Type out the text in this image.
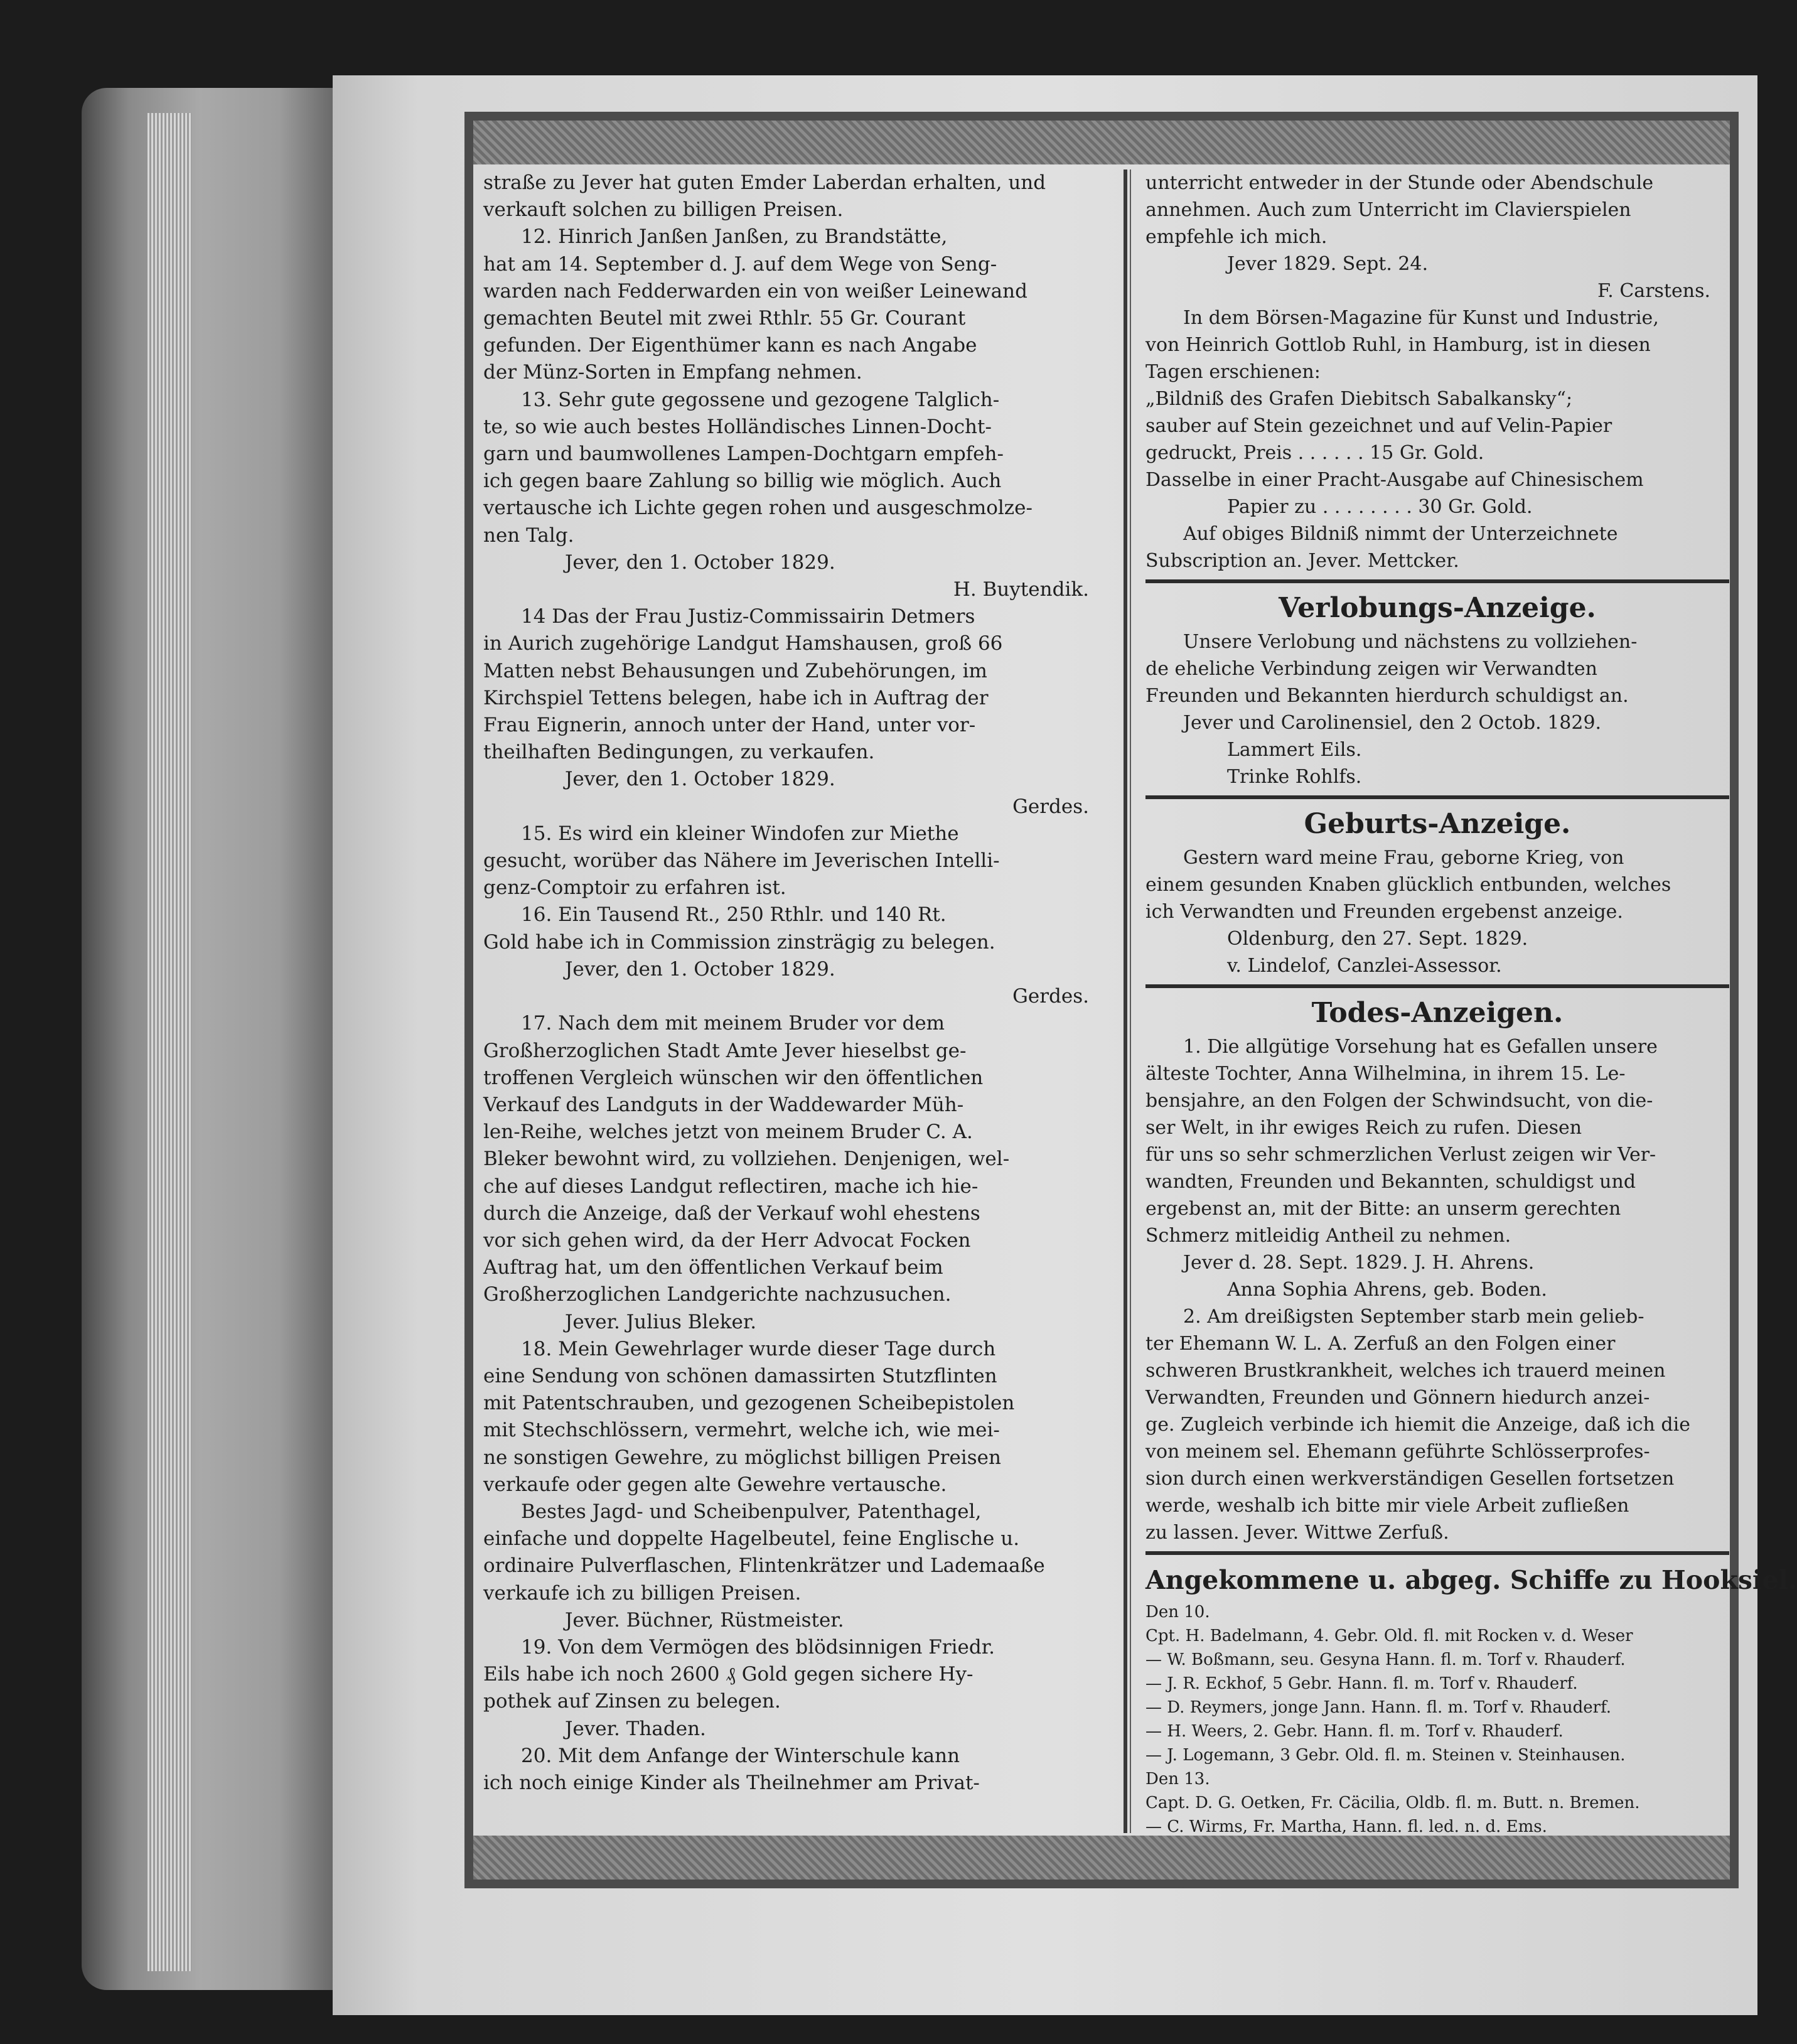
straße zu Jever hat guten Emder Laberdan erhalten, und

verkauft solchen zu billigen Preisen.

12. Hinrich Janßen Janßen, zu Brandstätte,

hat am 14. September d. J. auf dem Wege von Seng-

warden nach Fedderwarden ein von weißer Leinewand

gemachten Beutel mit zwei Rthlr. 55 Gr. Courant

gefunden. Der Eigenthümer kann es nach Angabe

der Münz-Sorten in Empfang nehmen.

13. Sehr gute gegossene und gezogene Talglich-

te, so wie auch bestes Holländisches Linnen-Docht-

garn und baumwollenes Lampen-Dochtgarn empfeh-

ich gegen baare Zahlung so billig wie möglich. Auch

vertausche ich Lichte gegen rohen und ausgeschmolze-

nen Talg.

Jever, den 1. October 1829.

H. Buytendik.

14 Das der Frau Justiz-Commissairin Detmers

in Aurich zugehörige Landgut Hamshausen, groß 66

Matten nebst Behausungen und Zubehörungen, im

Kirchspiel Tettens belegen, habe ich in Auftrag der

Frau Eignerin, annoch unter der Hand, unter vor-

theilhaften Bedingungen, zu verkaufen.

Jever, den 1. October 1829.

Gerdes.

15. Es wird ein kleiner Windofen zur Miethe

gesucht, worüber das Nähere im Jeverischen Intelli-

genz-Comptoir zu erfahren ist.

16. Ein Tausend Rt., 250 Rthlr. und 140 Rt.

Gold habe ich in Commission zinsträgig zu belegen.

Jever, den 1. October 1829.

Gerdes.

17. Nach dem mit meinem Bruder vor dem

Großherzoglichen Stadt Amte Jever hieselbst ge-

troffenen Vergleich wünschen wir den öffentlichen

Verkauf des Landguts in der Waddewarder Müh-

len-Reihe, welches jetzt von meinem Bruder C. A.

Bleker bewohnt wird, zu vollziehen. Denjenigen, wel-

che auf dieses Landgut reflectiren, mache ich hie-

durch die Anzeige, daß der Verkauf wohl ehestens

vor sich gehen wird, da der Herr Advocat Focken

Auftrag hat, um den öffentlichen Verkauf beim

Großherzoglichen Landgerichte nachzusuchen.

Jever. Julius Bleker.

18. Mein Gewehrlager wurde dieser Tage durch

eine Sendung von schönen damassirten Stutzflinten

mit Patentschrauben, und gezogenen Scheibepistolen

mit Stechschlössern, vermehrt, welche ich, wie mei-

ne sonstigen Gewehre, zu möglichst billigen Preisen

verkaufe oder gegen alte Gewehre vertausche.

Bestes Jagd- und Scheibenpulver, Patenthagel,

einfache und doppelte Hagelbeutel, feine Englische u.

ordinaire Pulverflaschen, Flintenkrätzer und Lademaaße

verkaufe ich zu billigen Preisen.

Jever. Büchner, Rüstmeister.

19. Von dem Vermögen des blödsinnigen Friedr.

Eils habe ich noch 2600 ₰ Gold gegen sichere Hy-

pothek auf Zinsen zu belegen.

Jever. Thaden.

20. Mit dem Anfange der Winterschule kann

ich noch einige Kinder als Theilnehmer am Privat-

unterricht entweder in der Stunde oder Abendschule

annehmen. Auch zum Unterricht im Clavierspielen

empfehle ich mich.

Jever 1829. Sept. 24.

F. Carstens.

In dem Börsen-Magazine für Kunst und Industrie,

von Heinrich Gottlob Ruhl, in Hamburg, ist in diesen

Tagen erschienen:

„Bildniß des Grafen Diebitsch Sabalkansky“;

sauber auf Stein gezeichnet und auf Velin-Papier

gedruckt, Preis . . . . . . 15 Gr. Gold.

Dasselbe in einer Pracht-Ausgabe auf Chinesischem

Papier zu . . . . . . . . 30 Gr. Gold.

Auf obiges Bildniß nimmt der Unterzeichnete

Subscription an. Jever. Mettcker.

Verlobungs-Anzeige.

Unsere Verlobung und nächstens zu vollziehen-

de eheliche Verbindung zeigen wir Verwandten

Freunden und Bekannten hierdurch schuldigst an.

Jever und Carolinensiel, den 2 Octob. 1829.

Lammert Eils.

Trinke Rohlfs.

Geburts-Anzeige.

Gestern ward meine Frau, geborne Krieg, von

einem gesunden Knaben glücklich entbunden, welches

ich Verwandten und Freunden ergebenst anzeige.

Oldenburg, den 27. Sept. 1829.

v. Lindelof, Canzlei-Assessor.

Todes-Anzeigen.

1. Die allgütige Vorsehung hat es Gefallen unsere

älteste Tochter, Anna Wilhelmina, in ihrem 15. Le-

bensjahre, an den Folgen der Schwindsucht, von die-

ser Welt, in ihr ewiges Reich zu rufen. Diesen

für uns so sehr schmerzlichen Verlust zeigen wir Ver-

wandten, Freunden und Bekannten, schuldigst und

ergebenst an, mit der Bitte: an unserm gerechten

Schmerz mitleidig Antheil zu nehmen.

Jever d. 28. Sept. 1829. J. H. Ahrens.

Anna Sophia Ahrens, geb. Boden.

2. Am dreißigsten September starb mein gelieb-

ter Ehemann W. L. A. Zerfuß an den Folgen einer

schweren Brustkrankheit, welches ich trauerd meinen

Verwandten, Freunden und Gönnern hiedurch anzei-

ge. Zugleich verbinde ich hiemit die Anzeige, daß ich die

von meinem sel. Ehemann geführte Schlösserprofes-

sion durch einen werkverständigen Gesellen fortsetzen

werde, weshalb ich bitte mir viele Arbeit zufließen

zu lassen. Jever. Wittwe Zerfuß.

Angekommene u. abgeg. Schiffe zu Hooksiel.

Den 10.

Cpt. H. Badelmann, 4. Gebr. Old. fl. mit Rocken v. d. Weser

— W. Boßmann, seu. Gesyna Hann. fl. m. Torf v. Rhauderf.

— J. R. Eckhof, 5 Gebr. Hann. fl. m. Torf v. Rhauderf.

— D. Reymers, jonge Jann. Hann. fl. m. Torf v. Rhauderf.

— H. Weers, 2. Gebr. Hann. fl. m. Torf v. Rhauderf.

— J. Logemann, 3 Gebr. Old. fl. m. Steinen v. Steinhausen.

Den 13.

Capt. D. G. Oetken, Fr. Cäcilia, Oldb. fl. m. Butt. n. Bremen.

— C. Wirms, Fr. Martha, Hann. fl. led. n. d. Ems.
